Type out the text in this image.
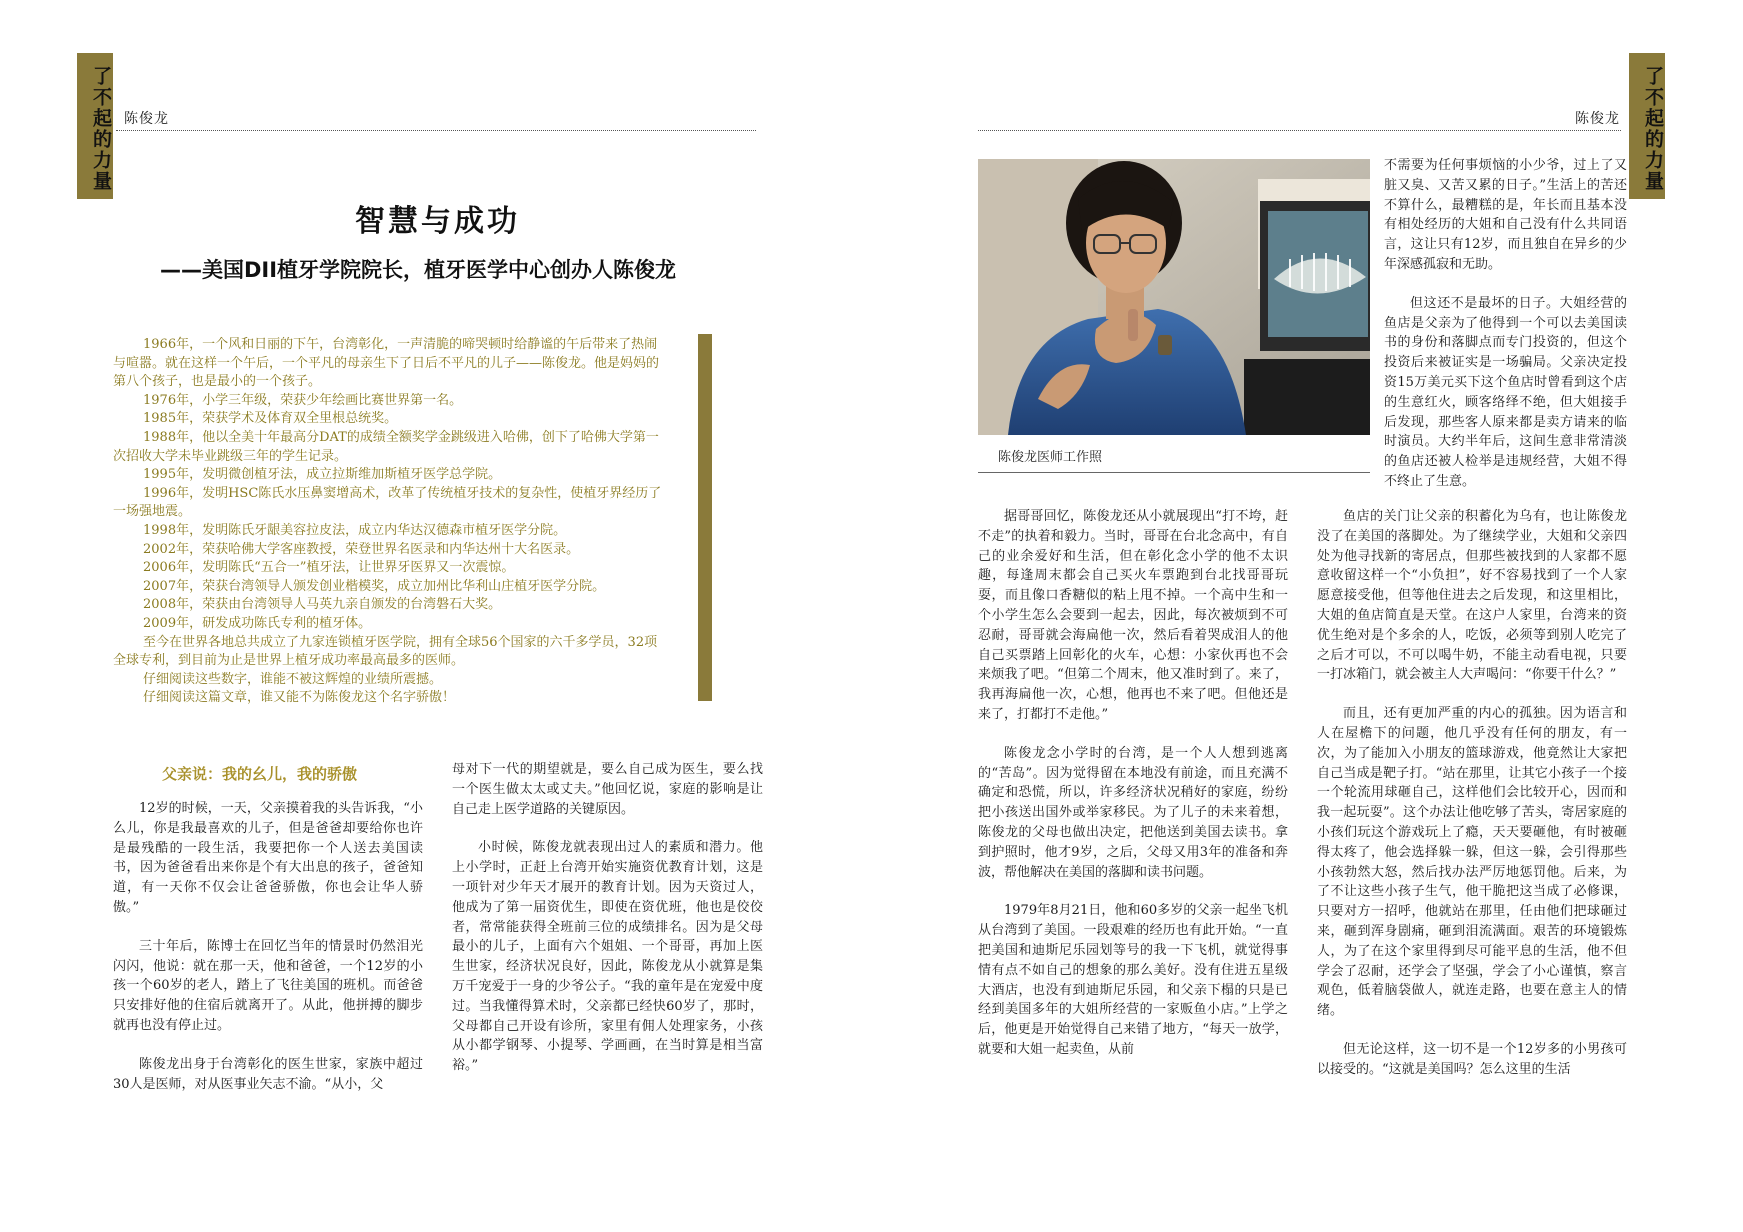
了不起的力量 陈俊龙
智慧与成功
——美国DII植牙学院院长，植牙医学中心创办人陈俊龙

1966年，一个风和日丽的下午，台湾彰化，一声清脆的啼哭顿时给静谧的午后带来了热闹与喧嚣。就在这样一个午后，一个平凡的母亲生下了日后不平凡的儿子——陈俊龙。他是妈妈的第八个孩子，也是最小的一个孩子。

1976年，小学三年级，荣获少年绘画比赛世界第一名。

1985年，荣获学术及体育双全里根总统奖。

1988年，他以全美十年最高分DAT的成绩全额奖学金跳级进入哈佛，创下了哈佛大学第一次招收大学未毕业跳级三年的学生记录。

1995年，发明微创植牙法，成立拉斯维加斯植牙医学总学院。

1996年，发明HSC陈氏水压鼻窦增高术，改革了传统植牙技术的复杂性，使植牙界经历了一场强地震。

1998年，发明陈氏牙龈美容拉皮法，成立内华达汉德森市植牙医学分院。

2002年，荣获哈佛大学客座教授，荣登世界名医录和内华达州十大名医录。

2006年，发明陈氏“五合一”植牙法，让世界牙医界又一次震惊。

2007年，荣获台湾领导人颁发创业楷模奖，成立加州比华利山庄植牙医学分院。

2008年，荣获由台湾领导人马英九亲自颁发的台湾磐石大奖。

2009年，研发成功陈氏专利的植牙体。

至今在世界各地总共成立了九家连锁植牙医学院，拥有全球56个国家的六千多学员，32项全球专利，到目前为止是世界上植牙成功率最高最多的医师。

仔细阅读这些数字，谁能不被这辉煌的业绩所震撼。

仔细阅读这篇文章，谁又能不为陈俊龙这个名字骄傲！

父亲说：我的幺儿，我的骄傲

12岁的时候，一天，父亲摸着我的头告诉我，“小么儿，你是我最喜欢的儿子，但是爸爸却要给你也许是最残酷的一段生活，我要把你一个人送去美国读书，因为爸爸看出来你是个有大出息的孩子，爸爸知道，有一天你不仅会让爸爸骄傲，你也会让华人骄傲。”

三十年后，陈博士在回忆当年的情景时仍然泪光闪闪，他说：就在那一天，他和爸爸，一个12岁的小孩一个60岁的老人，踏上了飞往美国的班机。而爸爸只安排好他的住宿后就离开了。从此，他拼搏的脚步就再也没有停止过。

陈俊龙出身于台湾彰化的医生世家，家族中超过30人是医师，对从医事业矢志不渝。“从小，父

母对下一代的期望就是，要么自己成为医生，要么找一个医生做太太或丈夫。”他回忆说，家庭的影响是让自己走上医学道路的关键原因。

小时候，陈俊龙就表现出过人的素质和潜力。他上小学时，正赶上台湾开始实施资优教育计划，这是一项针对少年天才展开的教育计划。因为天资过人，他成为了第一届资优生，即使在资优班，他也是佼佼者，常常能获得全班前三位的成绩排名。因为是父母最小的儿子，上面有六个姐姐、一个哥哥，再加上医生世家，经济状况良好，因此，陈俊龙从小就算是集万千宠爱于一身的少爷公子。“我的童年是在宠爱中度过。当我懂得算术时，父亲都已经快60岁了，那时，父母都自己开设有诊所，家里有佣人处理家务，小孩从小都学钢琴、小提琴、学画画，在当时算是相当富裕。”

了不起的力量
陈俊龙
陈俊龙医师工作照

不需要为任何事烦恼的小少爷，过上了又脏又臭、又苦又累的日子。”生活上的苦还不算什么，最糟糕的是，年长而且基本没有相处经历的大姐和自己没有什么共同语言，这让只有12岁，而且独自在异乡的少年深感孤寂和无助。

但这还不是最坏的日子。大姐经营的鱼店是父亲为了他得到一个可以去美国读书的身份和落脚点而专门投资的，但这个投资后来被证实是一场骗局。父亲决定投资15万美元买下这个鱼店时曾看到这个店的生意红火，顾客络绎不绝，但大姐接手后发现，那些客人原来都是卖方请来的临时演员。大约半年后，这间生意非常清淡的鱼店还被人检举是违规经营，大姐不得不终止了生意。

据哥哥回忆，陈俊龙还从小就展现出“打不垮，赶不走”的执着和毅力。当时，哥哥在台北念高中，有自己的业余爱好和生活，但在彰化念小学的他不太识趣，每逢周末都会自己买火车票跑到台北找哥哥玩耍，而且像口香糖似的粘上甩不掉。一个高中生和一个小学生怎么会要到一起去，因此，每次被烦到不可忍耐，哥哥就会海扁他一次，然后看着哭成泪人的他自己买票踏上回彰化的火车，心想：小家伙再也不会来烦我了吧。“但第二个周末，他又准时到了。来了，我再海扁他一次，心想，他再也不来了吧。但他还是来了，打都打不走他。”

陈俊龙念小学时的台湾，是一个人人想到逃离的“苦岛”。因为觉得留在本地没有前途，而且充满不确定和恐慌，所以，许多经济状况稍好的家庭，纷纷把小孩送出国外或举家移民。为了儿子的未来着想，陈俊龙的父母也做出决定，把他送到美国去读书。拿到护照时，他才9岁，之后，父母又用3年的准备和奔波，帮他解决在美国的落脚和读书问题。

1979年8月21日，他和60多岁的父亲一起坐飞机从台湾到了美国。一段艰难的经历也有此开始。“一直把美国和迪斯尼乐园划等号的我一下飞机，就觉得事情有点不如自己的想象的那么美好。没有住进五星级大酒店，也没有到迪斯尼乐园，和父亲下榻的只是已经到美国多年的大姐所经营的一家贩鱼小店。”上学之后，他更是开始觉得自己来错了地方，“每天一放学，就要和大姐一起卖鱼，从前

鱼店的关门让父亲的积蓄化为乌有，也让陈俊龙没了在美国的落脚处。为了继续学业，大姐和父亲四处为他寻找新的寄居点，但那些被找到的人家都不愿意收留这样一个“小负担”，好不容易找到了一个人家愿意接受他，但等他住进去之后发现，和这里相比，大姐的鱼店简直是天堂。在这户人家里，台湾来的资优生绝对是个多余的人，吃饭，必须等到别人吃完了之后才可以，不可以喝牛奶，不能主动看电视，只要一打冰箱门，就会被主人大声喝问：“你要干什么？”

而且，还有更加严重的内心的孤独。因为语言和人在屋檐下的问题，他几乎没有任何的朋友，有一次，为了能加入小朋友的篮球游戏，他竟然让大家把自己当成是靶子打。“站在那里，让其它小孩子一个接一个轮流用球砸自己，这样他们会比较开心，因而和我一起玩耍”。这个办法让他吃够了苦头，寄居家庭的小孩们玩这个游戏玩上了瘾，天天要砸他，有时被砸得太疼了，他会选择躲一躲，但这一躲，会引得那些小孩勃然大怒，然后找办法严厉地惩罚他。后来，为了不让这些小孩子生气，他干脆把这当成了必修课，只要对方一招呼，他就站在那里，任由他们把球砸过来，砸到浑身剧痛，砸到泪流满面。艰苦的环境锻炼人，为了在这个家里得到尽可能平息的生活，他不但学会了忍耐，还学会了坚强，学会了小心谨慎，察言观色，低着脑袋做人，就连走路，也要在意主人的情绪。

但无论这样，这一切不是一个12岁多的小男孩可以接受的。“这就是美国吗？怎么这里的生活
